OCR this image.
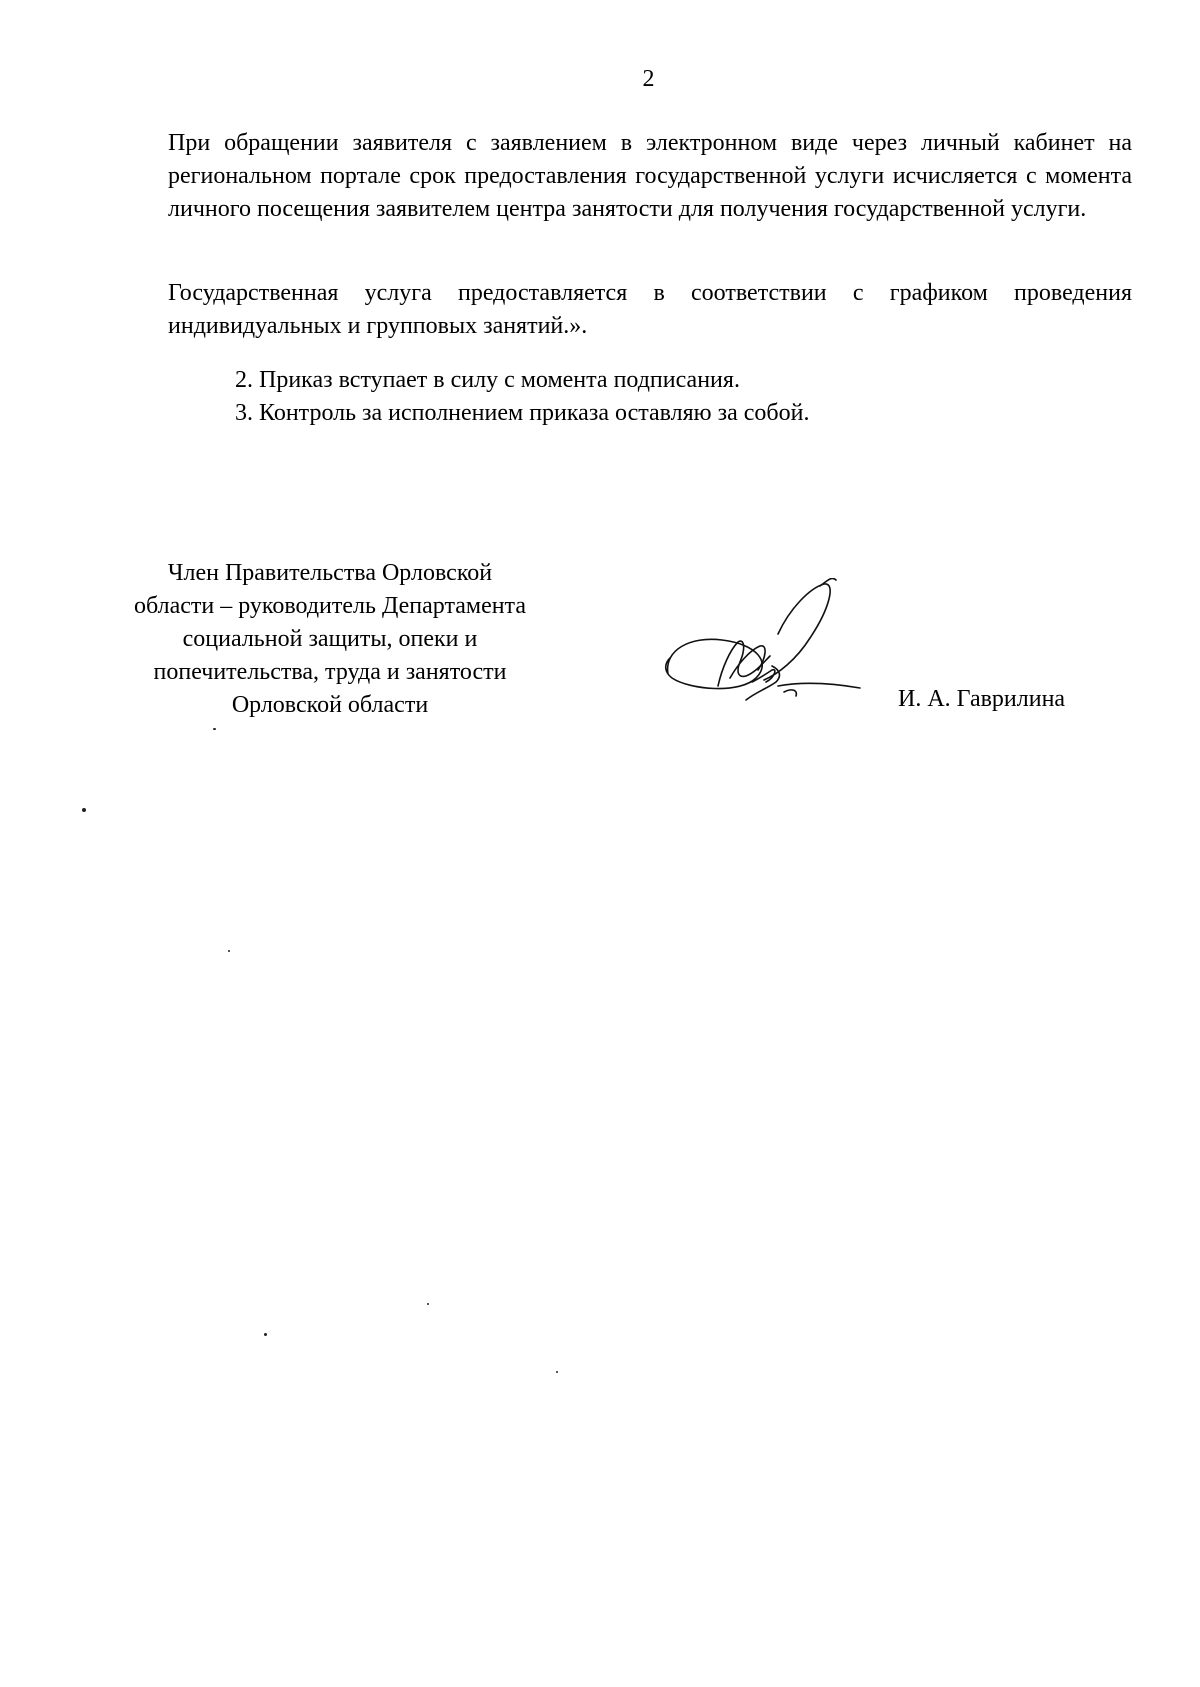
2

При обращении заявителя с заявлением в электронном виде через личный кабинет на региональном портале срок предоставления государственной услуги исчисляется с момента личного посещения заявителем центра занятости для получения государственной услуги.

Государственная услуга предоставляется в соответствии с графиком проведения индивидуальных и групповых занятий.».

2. Приказ вступает в силу с момента подписания.
3. Контроль за исполнением приказа оставляю за собой.
Член Правительства Орловской
области – руководитель Департамента
социальной защиты, опеки и
попечительства, труда и занятости
Орловской области	И. А. Гаврилина
